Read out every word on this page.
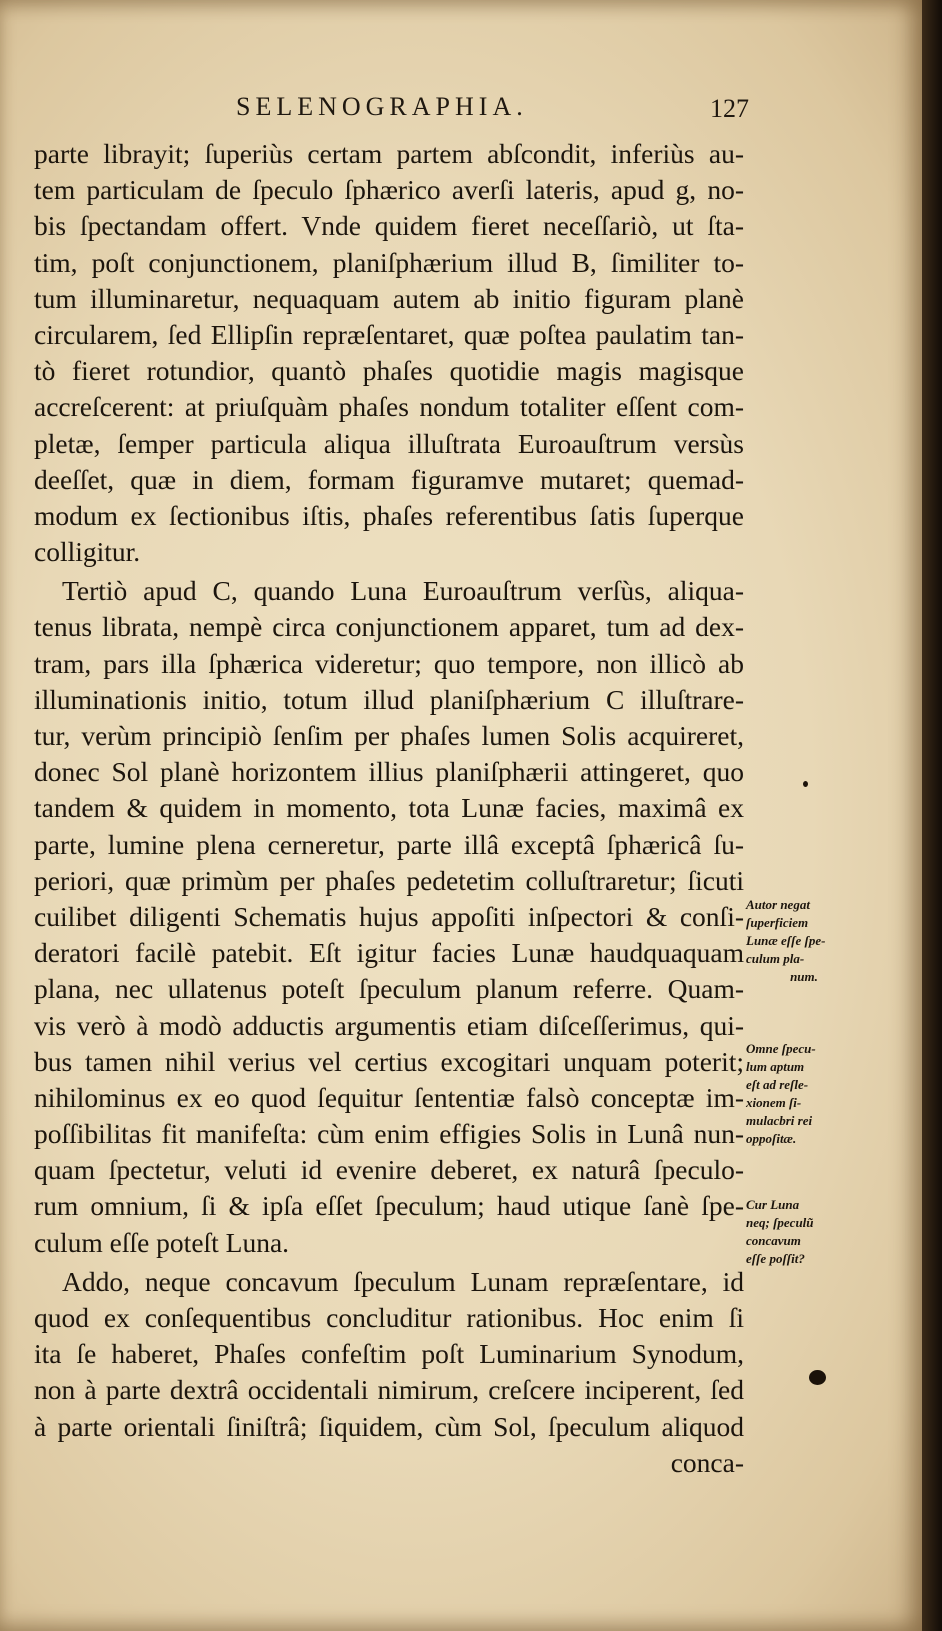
SELENOGRAPHIA.	127
parte librayit; ſuperiùs certam partem abſcondit, inferiùs au-
tem particulam de ſpeculo ſphærico averſi lateris, apud g, no-
bis ſpectandam offert. Vnde quidem fieret neceſſariò, ut ſta-
tim, poſt conjunctionem, planiſphærium illud B, ſimiliter to-
tum illuminaretur, nequaquam autem ab initio figuram planè
circularem, ſed Ellipſin repræſentaret, quæ poſtea paulatim tan-
tò fieret rotundior, quantò phaſes quotidie magis magisque
accreſcerent: at priuſquàm phaſes nondum totaliter eſſent com-
pletæ, ſemper particula aliqua illuſtrata Euroauſtrum versùs
deeſſet, quæ in diem, formam figuramve mutaret; quemad-
modum ex ſectionibus iſtis, phaſes referentibus ſatis ſuperque
colligitur.
Tertiò apud C, quando Luna Euroauſtrum verſùs, aliqua-
tenus librata, nempè circa conjunctionem apparet, tum ad dex-
tram, pars illa ſphærica videretur; quo tempore, non illicò ab
illuminationis initio, totum illud planiſphærium C illuſtrare-
tur, verùm principiò ſenſim per phaſes lumen Solis acquireret,
donec Sol planè horizontem illius planiſphærii attingeret, quo
tandem & quidem in momento, tota Lunæ facies, maximâ ex
parte, lumine plena cerneretur, parte illâ exceptâ ſphæricâ ſu-
periori, quæ primùm per phaſes pedetetim colluſtraretur; ſicuti
cuilibet diligenti Schematis hujus appoſiti inſpectori & conſi-
deratori facilè patebit. Eſt igitur facies Lunæ haudquaquam
plana, nec ullatenus poteſt ſpeculum planum referre. Quam-
vis verò à modò adductis argumentis etiam diſceſſerimus, qui-
bus tamen nihil verius vel certius excogitari unquam poterit;
nihilominus ex eo quod ſequitur ſententiæ falsò conceptæ im-
poſſibilitas fit manifeſta: cùm enim effigies Solis in Lunâ nun-
quam ſpectetur, veluti id evenire deberet, ex naturâ ſpeculo-
rum omnium, ſi & ipſa eſſet ſpeculum; haud utique ſanè ſpe-
culum eſſe poteſt Luna.
Addo, neque concavum ſpeculum Lunam repræſentare, id
quod ex conſequentibus concluditur rationibus. Hoc enim ſi
ita ſe haberet, Phaſes confeſtim poſt Luminarium Synodum,
non à parte dextrâ occidentali nimirum, creſcere inciperent, ſed
à parte orientali ſiniſtrâ; ſiquidem, cùm Sol, ſpeculum aliquod
conca-
Autor negat
ſuperficiem
Lunæ eſſe ſpe-
culum pla-
num.
Omne ſpecu-
lum aptum
eſt ad reſle-
xionem ſi-
mulacbri rei
oppoſitæ.
Cur Luna
neq; ſpeculũ
concavum
eſſe poſſit?
